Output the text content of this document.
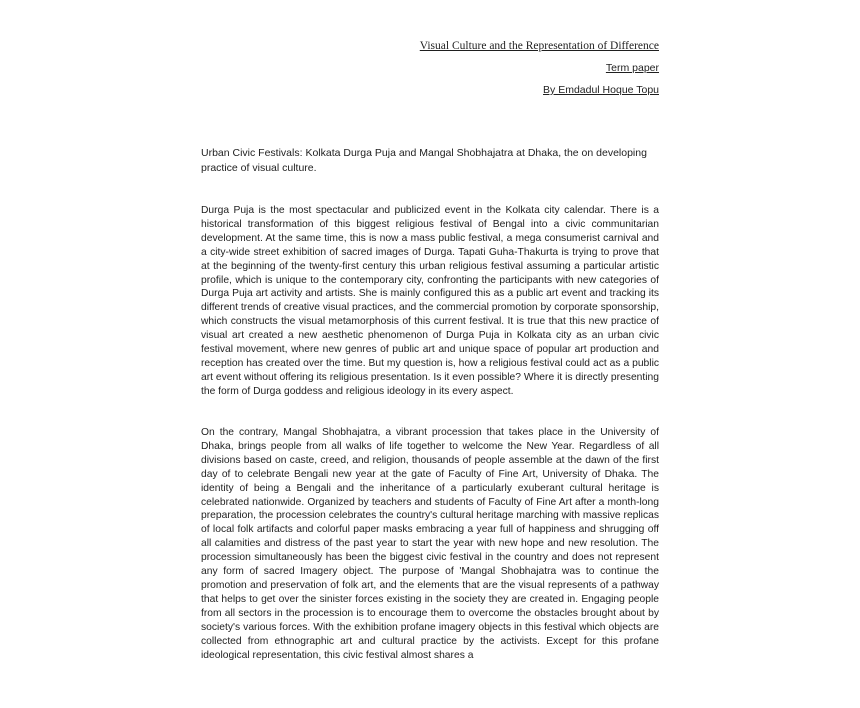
Visual Culture and the Representation of Difference
Term paper
By Emdadul Hoque Topu
Urban Civic Festivals: Kolkata Durga Puja and Mangal Shobhajatra at Dhaka, the on developing practice of visual culture.

Durga Puja is the most spectacular and publicized event in the Kolkata city calendar. There is a historical transformation of this biggest religious festival of Bengal into a civic communitarian development. At the same time, this is now a mass public festival, a mega consumerist carnival and a city-wide street exhibition of sacred images of Durga. Tapati Guha-Thakurta is trying to prove that at the beginning of the twenty-first century this urban religious festival assuming a particular artistic profile, which is unique to the contemporary city, confronting the participants with new categories of Durga Puja art activity and artists. She is mainly configured this as a public art event and tracking its different trends of creative visual practices, and the commercial promotion by corporate sponsorship, which constructs the visual metamorphosis of this current festival. It is true that this new practice of visual art created a new aesthetic phenomenon of Durga Puja in Kolkata city as an urban civic festival movement, where new genres of public art and unique space of popular art production and reception has created over the time. But my question is, how a religious festival could act as a public art event without offering its religious presentation. Is it even possible? Where it is directly presenting the form of Durga goddess and religious ideology in its every aspect.

On the contrary, Mangal Shobhajatra, a vibrant procession that takes place in the University of Dhaka, brings people from all walks of life together to welcome the New Year. Regardless of all divisions based on caste, creed, and religion, thousands of people assemble at the dawn of the first day of to celebrate Bengali new year at the gate of Faculty of Fine Art, University of Dhaka. The identity of being a Bengali and the inheritance of a particularly exuberant cultural heritage is celebrated nationwide. Organized by teachers and students of Faculty of Fine Art after a month-long preparation, the procession celebrates the country's cultural heritage marching with massive replicas of local folk artifacts and colorful paper masks embracing a year full of happiness and shrugging off all calamities and distress of the past year to start the year with new hope and new resolution. The procession simultaneously has been the biggest civic festival in the country and does not represent any form of sacred Imagery object. The purpose of 'Mangal Shobhajatra was to continue the promotion and preservation of folk art, and the elements that are the visual represents of a pathway that helps to get over the sinister forces existing in the society they are created in. Engaging people from all sectors in the procession is to encourage them to overcome the obstacles brought about by society's various forces. With the exhibition profane imagery objects in this festival which objects are collected from ethnographic art and cultural practice by the activists. Except for this profane ideological representation, this civic festival almost shares a
